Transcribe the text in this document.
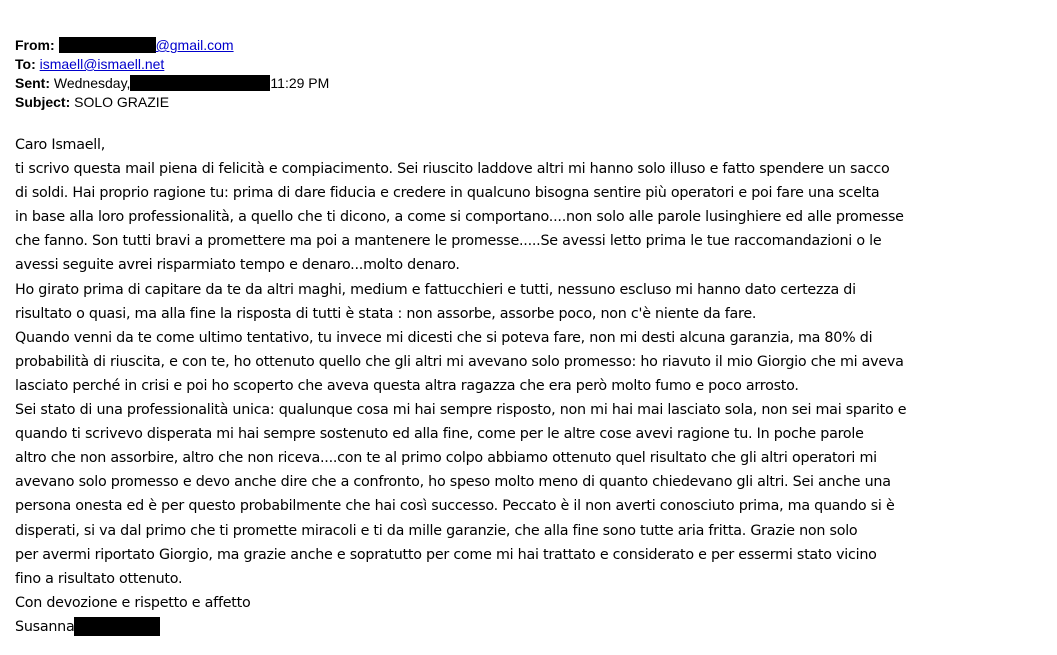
From:	@gmail.com
To: ismaell@ismaell.net
Sent: Wednesday,	11:29 PM
Subject: SOLO GRAZIE

Caro Ismaell,

ti scrivo questa mail piena di felicità e compiacimento. Sei riuscito laddove altri mi hanno solo illuso e fatto spendere un sacco

di soldi. Hai proprio ragione tu: prima di dare fiducia e credere in qualcuno bisogna sentire più operatori e poi fare una scelta

in base alla loro professionalità, a quello che ti dicono, a come si comportano....non solo alle parole lusinghiere ed alle promesse

che fanno. Son tutti bravi a promettere ma poi a mantenere le promesse.....Se avessi letto prima le tue raccomandazioni o le

avessi seguite avrei risparmiato tempo e denaro...molto denaro.

Ho girato prima di capitare da te da altri maghi, medium e fattucchieri e tutti, nessuno escluso mi hanno dato certezza di

risultato o quasi, ma alla fine la risposta di tutti è stata : non assorbe, assorbe poco, non c'è niente da fare.

Quando venni da te come ultimo tentativo, tu invece mi dicesti che si poteva fare, non mi desti alcuna garanzia, ma 80% di

probabilità di riuscita, e con te, ho ottenuto quello che gli altri mi avevano solo promesso: ho riavuto il mio Giorgio che mi aveva

lasciato perché in crisi e poi ho scoperto che aveva questa altra ragazza che era però molto fumo e poco arrosto.

Sei stato di una professionalità unica: qualunque cosa mi hai sempre risposto, non mi hai mai lasciato sola, non sei mai sparito e

quando ti scrivevo disperata mi hai sempre sostenuto ed alla fine, come per le altre cose avevi ragione tu. In poche parole

altro che non assorbire, altro che non riceva....con te al primo colpo abbiamo ottenuto quel risultato che gli altri operatori mi

avevano solo promesso e devo anche dire che a confronto, ho speso molto meno di quanto chiedevano gli altri. Sei anche una

persona onesta ed è per questo probabilmente che hai così successo. Peccato è il non averti conosciuto prima, ma quando si è

disperati, si va dal primo che ti promette miracoli e ti da mille garanzie, che alla fine sono tutte aria fritta. Grazie non solo

per avermi riportato Giorgio, ma grazie anche e sopratutto per come mi hai trattato e considerato e per essermi stato vicino

fino a risultato ottenuto.

Con devozione e rispetto e affetto

Susanna
